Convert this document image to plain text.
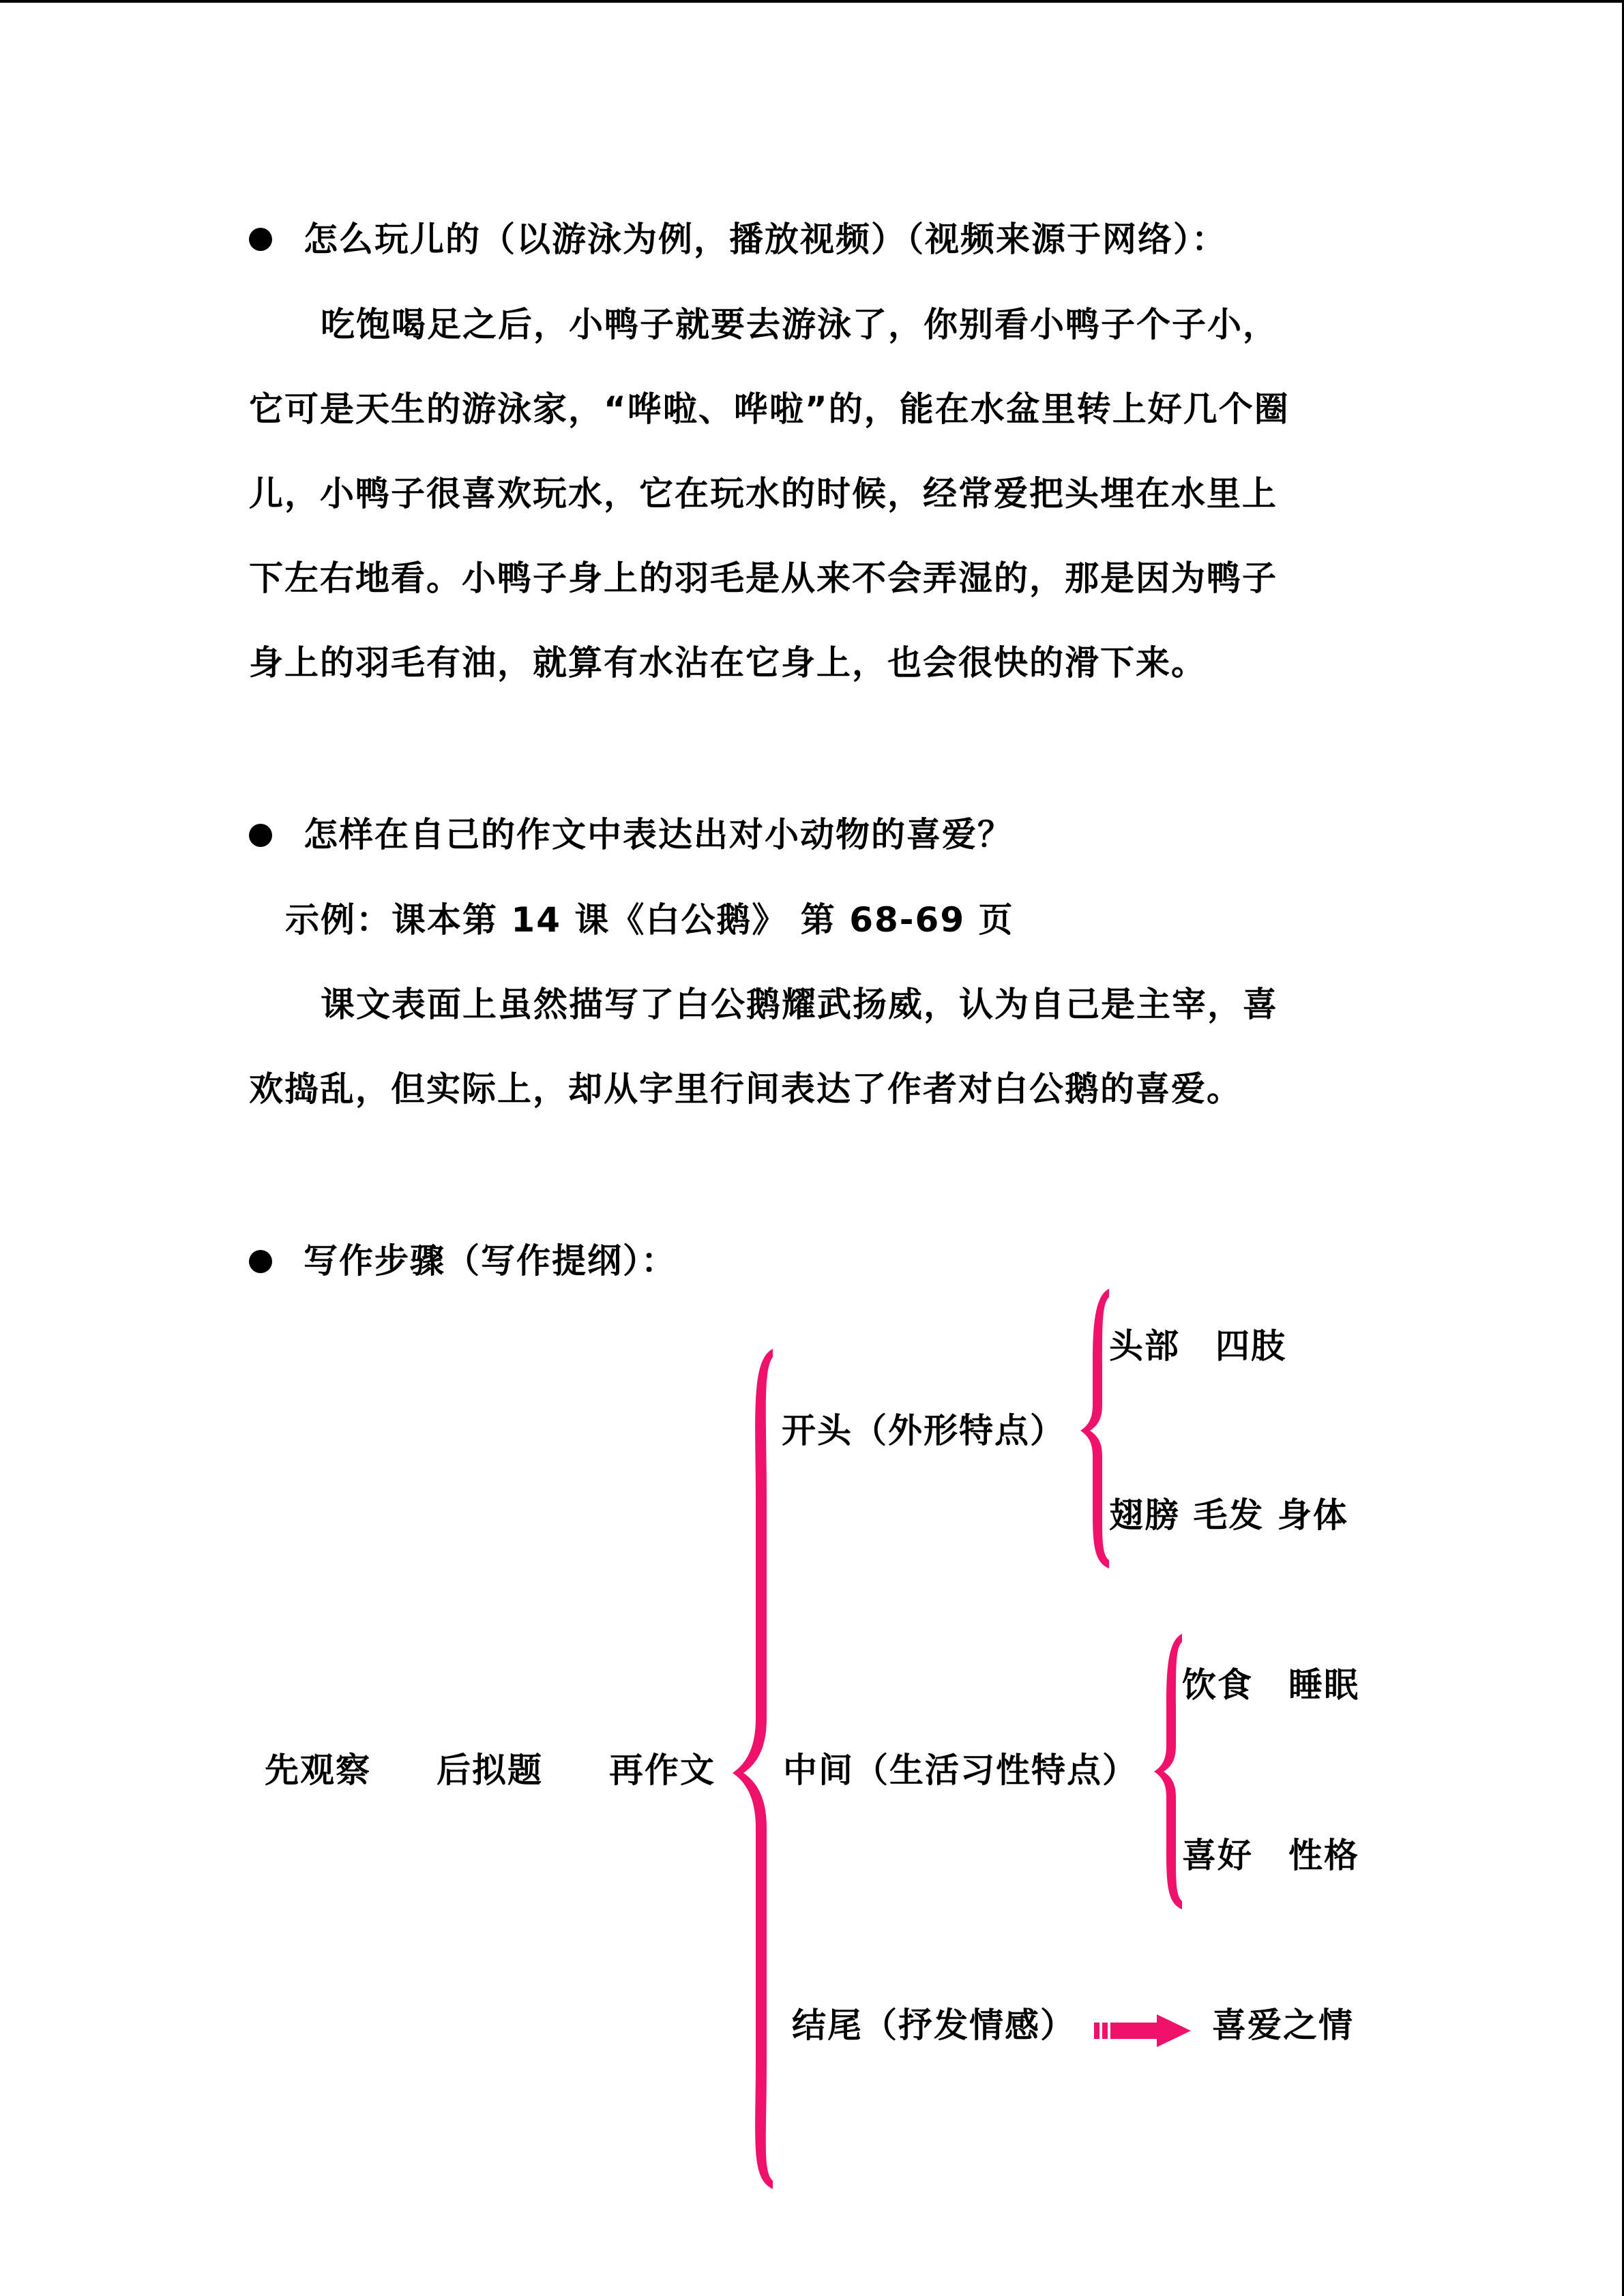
怎么玩儿的（以游泳为例，播放视频）（视频来源于网络）：
吃饱喝足之后，小鸭子就要去游泳了，你别看小鸭子个子小，
它可是天生的游泳家，“哗啦、哗啦”的，能在水盆里转上好几个圈
儿，小鸭子很喜欢玩水，它在玩水的时候，经常爱把头埋在水里上
下左右地看。小鸭子身上的羽毛是从来不会弄湿的，那是因为鸭子
身上的羽毛有油，就算有水沾在它身上，也会很快的滑下来。
怎样在自己的作文中表达出对小动物的喜爱？
示例：课本第 14 课《白公鹅》 第 68-69 页
课文表面上虽然描写了白公鹅耀武扬威，认为自己是主宰，喜
欢捣乱，但实际上，却从字里行间表达了作者对白公鹅的喜爱。
写作步骤（写作提纲）：
先观察 后拟题 再作文
开头（外形特点）
头部　四肢
翅膀 毛发 身体
中间（生活习性特点）
饮食　睡眠
喜好　性格
结尾（抒发情感）	喜爱之情
